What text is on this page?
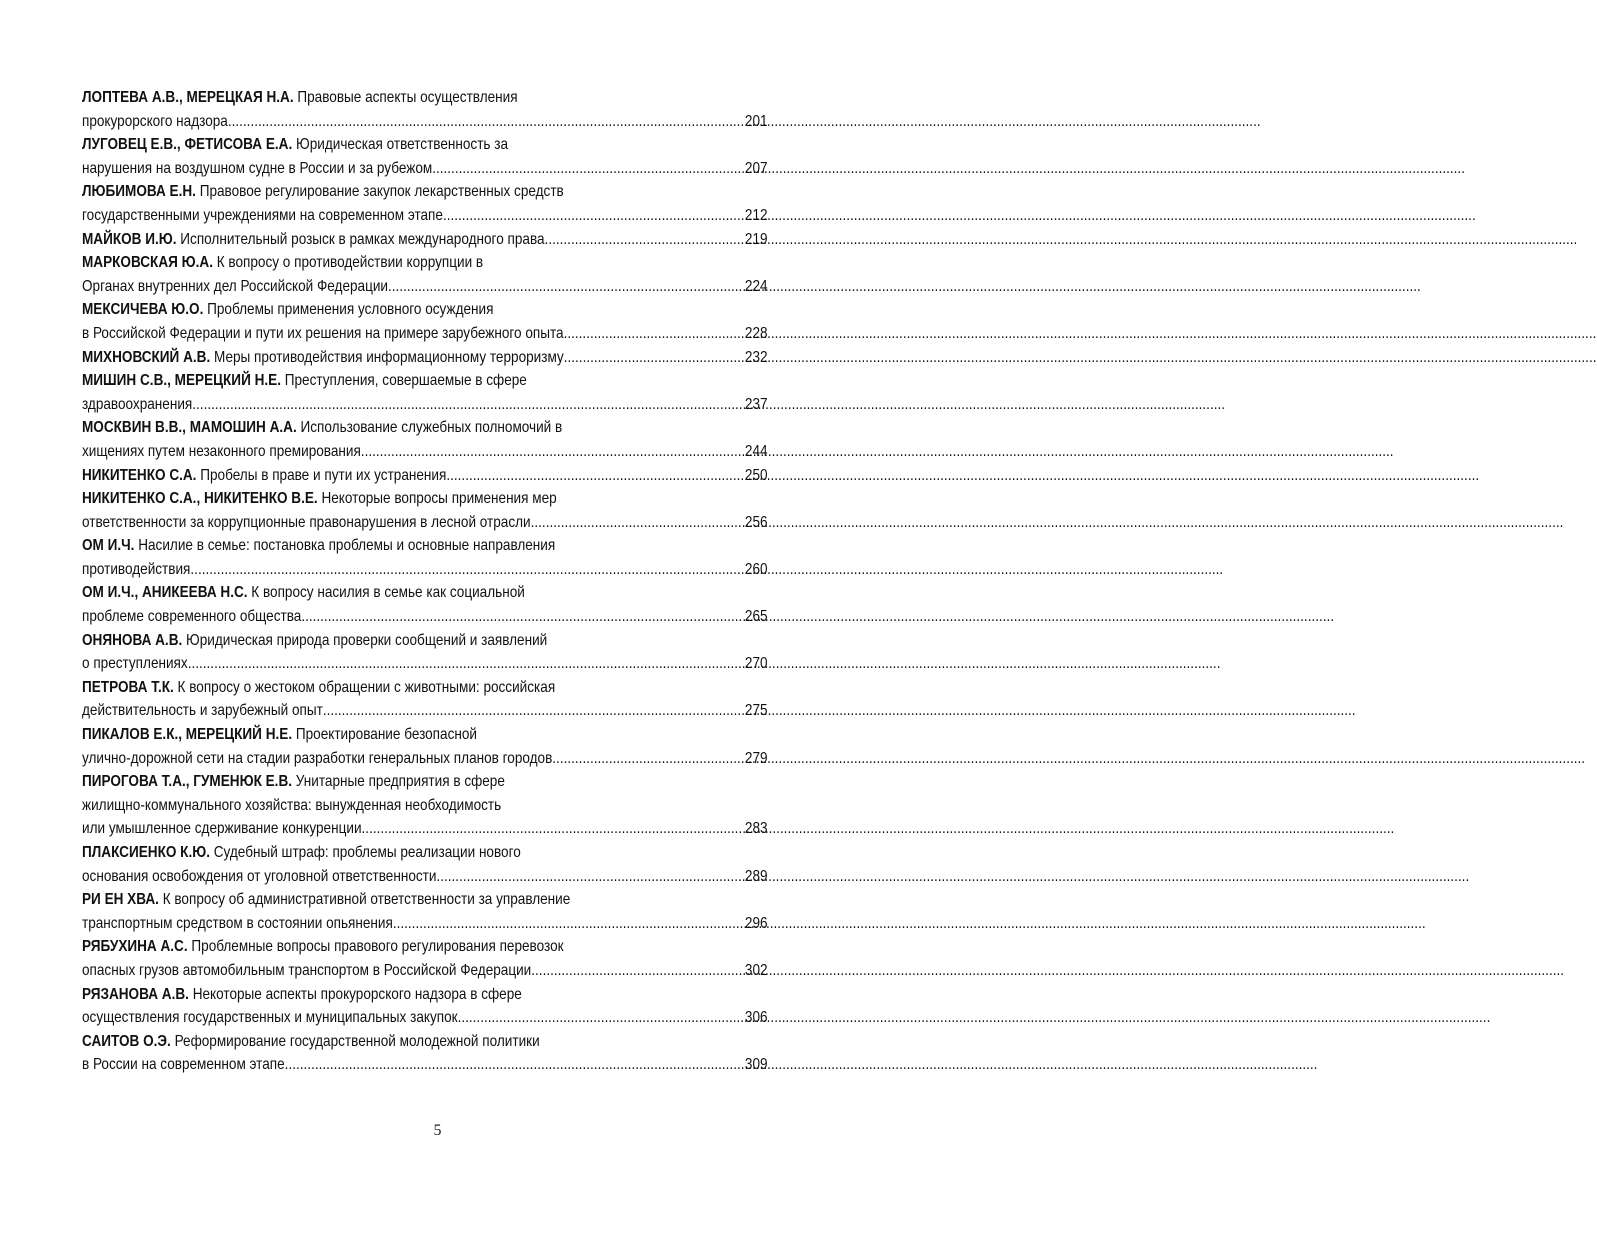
ЛОПТЕВА А.В., МЕРЕЦКАЯ Н.А. Правовые аспекты осуществления
прокурорского надзора .....	201
ЛУГОВЕЦ Е.В., ФЕТИСОВА Е.А. Юридическая ответственность за
нарушения на воздушном судне в России и за рубежом .....	207
ЛЮБИМОВА Е.Н. Правовое регулирование закупок лекарственных средств
государственными учреждениями на современном этапе .....	212
МАЙКОВ И.Ю. Исполнительный розыск в рамках международного права .....	219
МАРКОВСКАЯ Ю.А. К вопросу о противодействии коррупции в
Органах внутренних дел Российской Федерации .....	224
МЕКСИЧЕВА Ю.О. Проблемы применения условного осуждения
в Российской Федерации и пути их решения на примере зарубежного опыта .....	228
МИХНОВСКИЙ А.В. Меры противодействия информационному терроризму .....	232
МИШИН С.В., МЕРЕЦКИЙ Н.Е. Преступления, совершаемые в сфере
здравоохранения .....	237
МОСКВИН В.В., МАМОШИН А.А. Использование служебных полномочий в
хищениях путем незаконного премирования .....	244
НИКИТЕНКО С.А. Пробелы в праве и пути их устранения .....	250
НИКИТЕНКО С.А., НИКИТЕНКО В.Е. Некоторые вопросы применения мер
ответственности за коррупционные правонарушения в лесной отрасли .....	256
ОМ И.Ч. Насилие в семье: постановка проблемы и основные направления
противодействия .....	260
ОМ И.Ч., АНИКЕЕВА Н.С. К вопросу насилия в семье как социальной
проблеме современного общества .....	265
ОНЯНОВА А.В. Юридическая природа проверки сообщений и заявлений
о преступлениях .....	270
ПЕТРОВА Т.К. К вопросу о жестоком обращении с животными: российская
действительность и зарубежный опыт .....	275
ПИКАЛОВ Е.К., МЕРЕЦКИЙ Н.Е. Проектирование безопасной
улично-дорожной сети на стадии разработки генеральных планов городов .....	279
ПИРОГОВА Т.А., ГУМЕНЮК Е.В. Унитарные предприятия в сфере
жилищно-коммунального хозяйства: вынужденная необходимость
или умышленное сдерживание конкуренции .....	283
ПЛАКСИЕНКО К.Ю. Судебный штраф: проблемы реализации нового
основания освобождения от уголовной ответственности .....	289
РИ ЕН ХВА. К вопросу об административной ответственности за управление
транспортным средством в состоянии опьянения .....	296
РЯБУХИНА А.С. Проблемные вопросы правового регулирования перевозок
опасных грузов автомобильным транспортом в Российской Федерации .....	302
РЯЗАНОВА А.В. Некоторые аспекты прокурорского надзора в сфере
осуществления государственных и муниципальных закупок .....	306
САИТОВ О.Э. Реформирование государственной молодежной политики
в России на современном этапе .....	309
5
